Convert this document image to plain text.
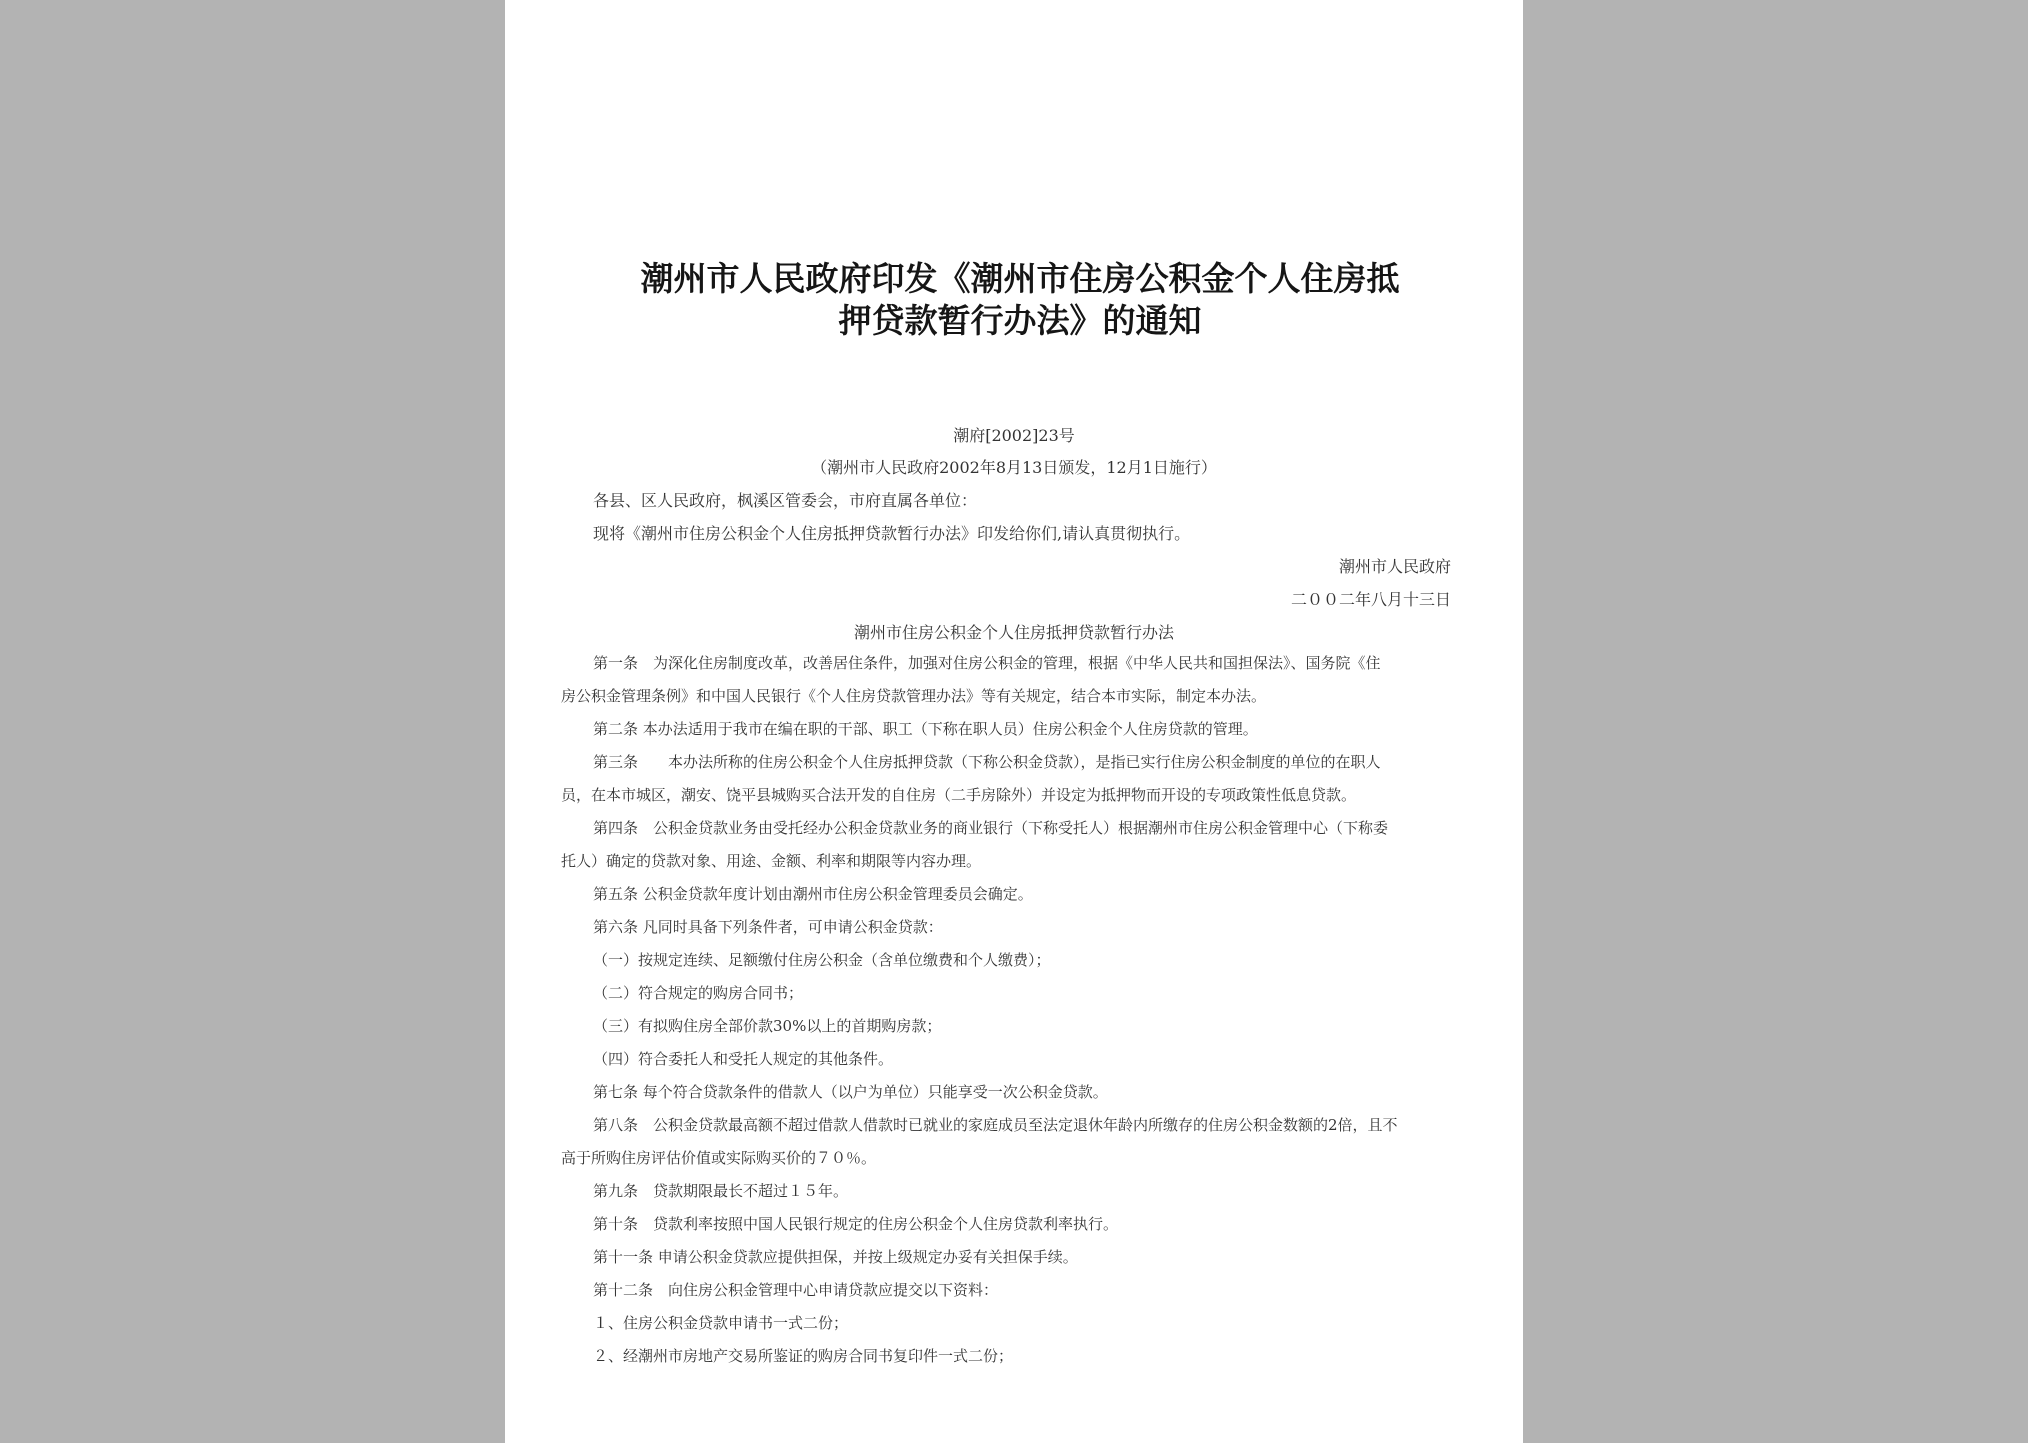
潮州市人民政府印发《潮州市住房公积金个人住房抵
押贷款暂行办法》的通知
潮府[2002]23号
（潮州市人民政府2002年8月13日颁发，12月1日施行）
各县、区人民政府，枫溪区管委会，市府直属各单位：
现将《潮州市住房公积金个人住房抵押贷款暂行办法》印发给你们,请认真贯彻执行。
潮州市人民政府
二００二年八月十三日
潮州市住房公积金个人住房抵押贷款暂行办法
第一条　为深化住房制度改革，改善居住条件，加强对住房公积金的管理，根据《中华人民共和国担保法》、国务院《住
房公积金管理条例》和中国人民银行《个人住房贷款管理办法》等有关规定，结合本市实际，制定本办法。
第二条 本办法适用于我市在编在职的干部、职工（下称在职人员）住房公积金个人住房贷款的管理。
第三条　　本办法所称的住房公积金个人住房抵押贷款（下称公积金贷款），是指已实行住房公积金制度的单位的在职人
员，在本市城区，潮安、饶平县城购买合法开发的自住房（二手房除外）并设定为抵押物而开设的专项政策性低息贷款。
第四条　公积金贷款业务由受托经办公积金贷款业务的商业银行（下称受托人）根据潮州市住房公积金管理中心（下称委
托人）确定的贷款对象、用途、金额、利率和期限等内容办理。
第五条 公积金贷款年度计划由潮州市住房公积金管理委员会确定。
第六条 凡同时具备下列条件者，可申请公积金贷款：
（一）按规定连续、足额缴付住房公积金（含单位缴费和个人缴费）；
（二）符合规定的购房合同书；
（三）有拟购住房全部价款30%以上的首期购房款；
（四）符合委托人和受托人规定的其他条件。
第七条 每个符合贷款条件的借款人（以户为单位）只能享受一次公积金贷款。
第八条　公积金贷款最高额不超过借款人借款时已就业的家庭成员至法定退休年龄内所缴存的住房公积金数额的2倍，且不
高于所购住房评估价值或实际购买价的７０％。
第九条　贷款期限最长不超过１５年。
第十条　贷款利率按照中国人民银行规定的住房公积金个人住房贷款利率执行。
第十一条 申请公积金贷款应提供担保，并按上级规定办妥有关担保手续。
第十二条　向住房公积金管理中心申请贷款应提交以下资料：
１、住房公积金贷款申请书一式二份；
２、经潮州市房地产交易所鉴证的购房合同书复印件一式二份；
